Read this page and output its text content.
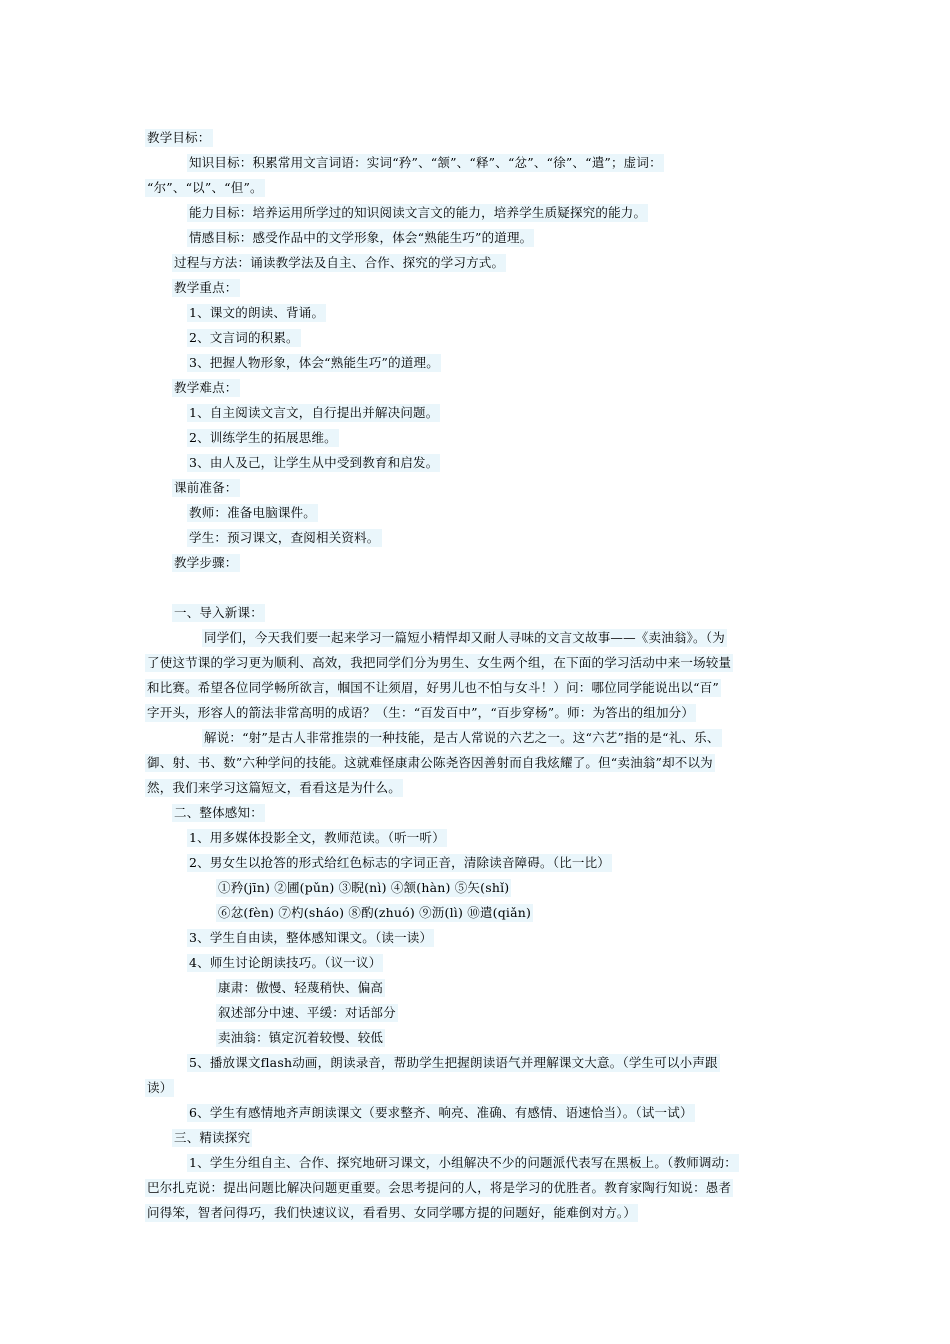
教学目标：
知识目标：积累常用文言词语：实词“矜”、“颔”、“释”、“忿”、“徐”、“遣”；虚词：
“尔”、“以”、“但”。
能力目标：培养运用所学过的知识阅读文言文的能力，培养学生质疑探究的能力。
情感目标：感受作品中的文学形象，体会“熟能生巧”的道理。
过程与方法：诵读教学法及自主、合作、探究的学习方式。
教学重点：
1、课文的朗读、背诵。
2、文言词的积累。
3、把握人物形象，体会“熟能生巧”的道理。
教学难点：
1、自主阅读文言文，自行提出并解决问题。
2、训练学生的拓展思维。
3、由人及己，让学生从中受到教育和启发。
课前准备：
教师：准备电脑课件。
学生：预习课文，查阅相关资料。
教学步骤：
一、导入新课：
同学们，今天我们要一起来学习一篇短小精悍却又耐人寻味的文言文故事——《卖油翁》。（为
了使这节课的学习更为顺利、高效，我把同学们分为男生、女生两个组，在下面的学习活动中来一场较量
和比赛。希望各位同学畅所欲言，帼国不让须眉，好男儿也不怕与女斗！）问：哪位同学能说出以“百”
字开头，形容人的箭法非常高明的成语？（生：“百发百中”，“百步穿杨”。师：为答出的组加分）
解说：“射”是古人非常推崇的一种技能，是古人常说的六艺之一。这“六艺”指的是“礼、乐、
御、射、书、数”六种学问的技能。这就难怪康肃公陈尧咨因善射而自我炫耀了。但“卖油翁”却不以为
然，我们来学习这篇短文，看看这是为什么。
二、整体感知：
1、用多媒体投影全文，教师范读。（听一听）
2、男女生以抢答的形式给红色标志的字词正音，清除读音障碍。（比一比）
①矜(jīn) ②圃(pǔn) ③睨(nì) ④颔(hàn) ⑤矢(shǐ)
⑥忿(fèn) ⑦杓(sháo) ⑧酌(zhuó) ⑨沥(lì) ⑩遣(qiǎn)
3、学生自由读，整体感知课文。（读一读）
4、师生讨论朗读技巧。（议一议）
康肃：傲慢、轻蔑稍快、偏高
叙述部分中速、平缓：对话部分
卖油翁：镇定沉着较慢、较低
5、播放课文flash动画，朗读录音，帮助学生把握朗读语气并理解课文大意。（学生可以小声跟
读）
6、学生有感情地齐声朗读课文（要求整齐、响亮、准确、有感情、语速恰当）。（试一试）
三、精读探究
1、学生分组自主、合作、探究地研习课文，小组解决不少的问题派代表写在黑板上。（教师调动：
巴尔扎克说：提出问题比解决问题更重要。会思考提问的人，将是学习的优胜者。教育家陶行知说：愚者
问得笨，智者问得巧，我们快速议议，看看男、女同学哪方提的问题好，能难倒对方。）
